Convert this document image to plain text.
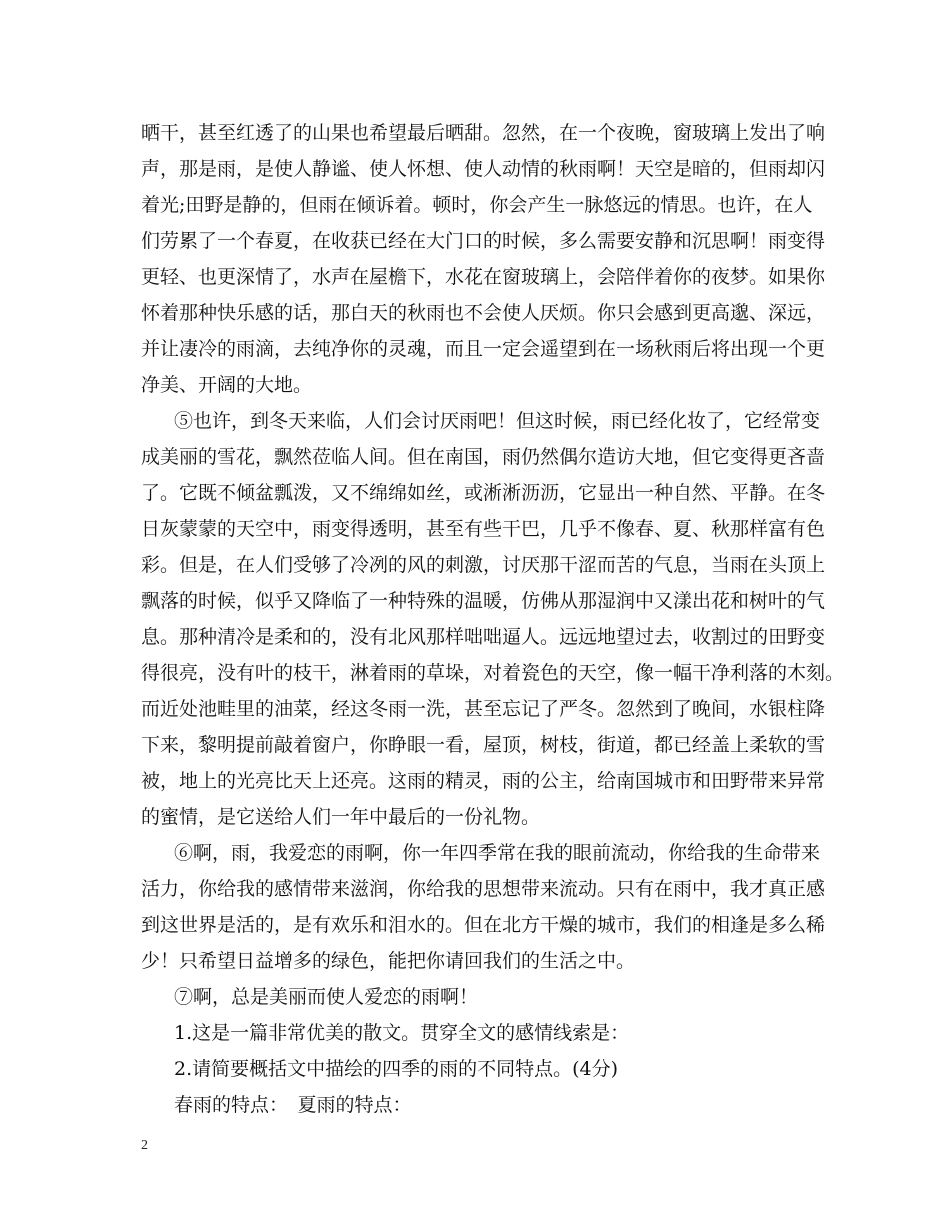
晒干，甚至红透了的山果也希望最后晒甜。忽然，在一个夜晚，窗玻璃上发出了响
声，那是雨，是使人静谧、使人怀想、使人动情的秋雨啊！天空是暗的，但雨却闪
着光;田野是静的，但雨在倾诉着。顿时，你会产生一脉悠远的情思。也许，在人
们劳累了一个春夏，在收获已经在大门口的时候，多么需要安静和沉思啊！雨变得
更轻、也更深情了，水声在屋檐下，水花在窗玻璃上，会陪伴着你的夜梦。如果你
怀着那种快乐感的话，那白天的秋雨也不会使人厌烦。你只会感到更高邈、深远，
并让凄冷的雨滴，去纯净你的灵魂，而且一定会遥望到在一场秋雨后将出现一个更
净美、开阔的大地。
⑤也许，到冬天来临，人们会讨厌雨吧！但这时候，雨已经化妆了，它经常变
成美丽的雪花，飘然莅临人间。但在南国，雨仍然偶尔造访大地，但它变得更吝啬
了。它既不倾盆瓢泼，又不绵绵如丝，或淅淅沥沥，它显出一种自然、平静。在冬
日灰蒙蒙的天空中，雨变得透明，甚至有些干巴，几乎不像春、夏、秋那样富有色
彩。但是，在人们受够了冷冽的风的刺激，讨厌那干涩而苦的气息，当雨在头顶上
飘落的时候，似乎又降临了一种特殊的温暖，仿佛从那湿润中又漾出花和树叶的气
息。那种清冷是柔和的，没有北风那样咄咄逼人。远远地望过去，收割过的田野变
得很亮，没有叶的枝干，淋着雨的草垛，对着瓷色的天空，像一幅干净利落的木刻。
而近处池畦里的油菜，经这冬雨一洗，甚至忘记了严冬。忽然到了晚间，水银柱降
下来，黎明提前敲着窗户，你睁眼一看，屋顶，树枝，街道，都已经盖上柔软的雪
被，地上的光亮比天上还亮。这雨的精灵，雨的公主，给南国城市和田野带来异常
的蜜情，是它送给人们一年中最后的一份礼物。
⑥啊，雨，我爱恋的雨啊，你一年四季常在我的眼前流动，你给我的生命带来
活力，你给我的感情带来滋润，你给我的思想带来流动。只有在雨中，我才真正感
到这世界是活的，是有欢乐和泪水的。但在北方干燥的城市，我们的相逢是多么稀
少！只希望日益增多的绿色，能把你请回我们的生活之中。
⑦啊，总是美丽而使人爱恋的雨啊！
1.这是一篇非常优美的散文。贯穿全文的感情线索是：
2.请简要概括文中描绘的四季的雨的不同特点。(4分)
春雨的特点：　夏雨的特点：
2
